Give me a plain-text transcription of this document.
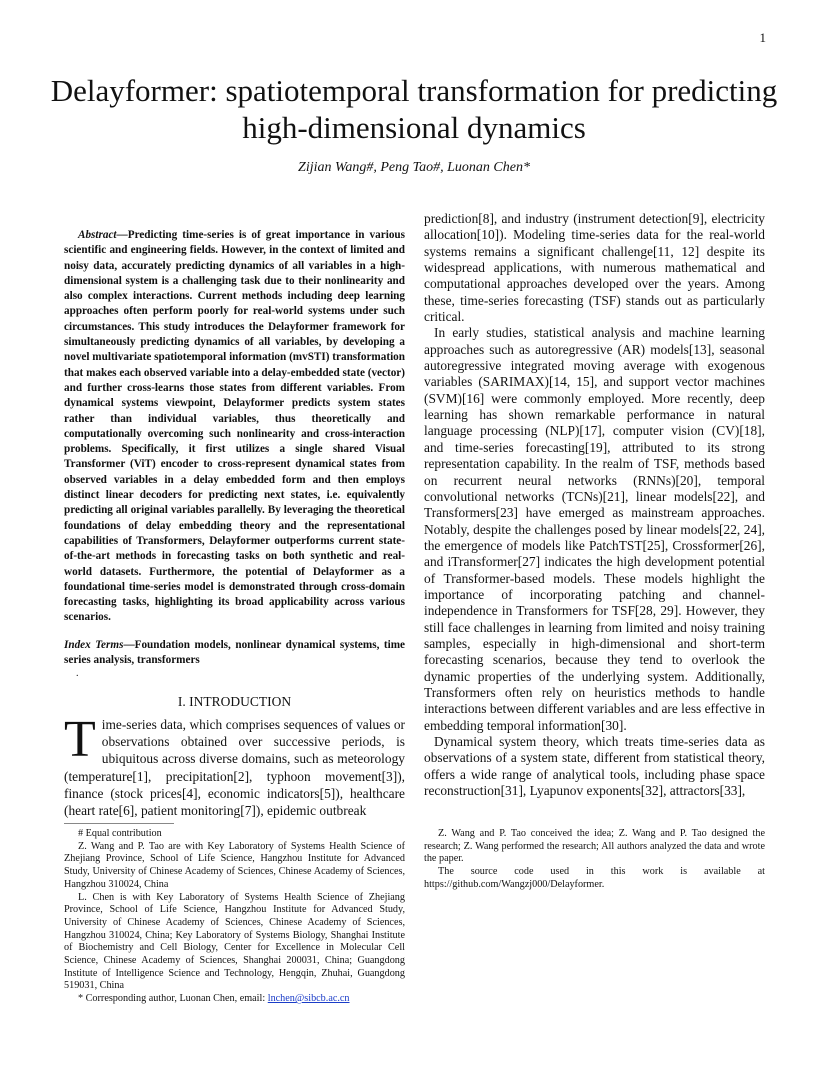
1
Delayformer: spatiotemporal transformation for predicting high-dimensional dynamics
Zijian Wang#, Peng Tao#, Luonan Chen*

Abstract—Predicting time-series is of great importance in various scientific and engineering fields. However, in the context of limited and noisy data, accurately predicting dynamics of all variables in a high-dimensional system is a challenging task due to their nonlinearity and also complex interactions. Current methods including deep learning approaches often perform poorly for real-world systems under such circumstances. This study introduces the Delayformer framework for simultaneously predicting dynamics of all variables, by developing a novel multivariate spatiotemporal information (mvSTI) transformation that makes each observed variable into a delay-embedded state (vector) and further cross-learns those states from different variables. From dynamical systems viewpoint, Delayformer predicts system states rather than individual variables, thus theoretically and computationally overcoming such nonlinearity and cross-interaction problems. Specifically, it first utilizes a single shared Visual Transformer (ViT) encoder to cross-represent dynamical states from observed variables in a delay embedded form and then employs distinct linear decoders for predicting next states, i.e. equivalently predicting all original variables parallelly. By leveraging the theoretical foundations of delay embedding theory and the representational capabilities of Transformers, Delayformer outperforms current state-of-the-art methods in forecasting tasks on both synthetic and real-world datasets. Furthermore, the potential of Delayformer as a foundational time-series model is demonstrated through cross-domain forecasting tasks, highlighting its broad applicability across various scenarios.

Index Terms—Foundation models, nonlinear dynamical systems, time series analysis, transformers

.
I. INTRODUCTION

Time-series data, which comprises sequences of values or observations obtained over successive periods, is ubiquitous across diverse domains, such as meteorology (temperature[1], precipitation[2], typhoon movement[3]), finance (stock prices[4], economic indicators[5]), healthcare (heart rate[6], patient monitoring[7]), epidemic outbreak

prediction[8], and industry (instrument detection[9], electricity allocation[10]). Modeling time-series data for the real-world systems remains a significant challenge[11, 12] despite its widespread applications, with numerous mathematical and computational approaches developed over the years. Among these, time-series forecasting (TSF) stands out as particularly critical.

In early studies, statistical analysis and machine learning approaches such as autoregressive (AR) models[13], seasonal autoregressive integrated moving average with exogenous variables (SARIMAX)[14, 15], and support vector machines (SVM)[16] were commonly employed. More recently, deep learning has shown remarkable performance in natural language processing (NLP)[17], computer vision (CV)[18], and time-series forecasting[19], attributed to its strong representation capability. In the realm of TSF, methods based on recurrent neural networks (RNNs)[20], temporal convolutional networks (TCNs)[21], linear models[22], and Transformers[23] have emerged as mainstream approaches. Notably, despite the challenges posed by linear models[22, 24], the emergence of models like PatchTST[25], Crossformer[26], and iTransformer[27] indicates the high development potential of Transformer-based models. These models highlight the importance of incorporating patching and channel-independence in Transformers for TSF[28, 29]. However, they still face challenges in learning from limited and noisy training samples, especially in high-dimensional and short-term forecasting scenarios, because they tend to overlook the dynamic properties of the underlying system. Additionally, Transformers often rely on heuristics methods to handle interactions between different variables and are less effective in embedding temporal information[30].

Dynamical system theory, which treats time-series data as observations of a system state, different from statistical theory, offers a wide range of analytical tools, including phase space reconstruction[31], Lyapunov exponents[32], attractors[33],

# Equal contribution

Z. Wang and P. Tao are with Key Laboratory of Systems Health Science of Zhejiang Province, School of Life Science, Hangzhou Institute for Advanced Study, University of Chinese Academy of Sciences, Chinese Academy of Sciences, Hangzhou 310024, China

L. Chen is with Key Laboratory of Systems Health Science of Zhejiang Province, School of Life Science, Hangzhou Institute for Advanced Study, University of Chinese Academy of Sciences, Chinese Academy of Sciences, Hangzhou 310024, China; Key Laboratory of Systems Biology, Shanghai Institute of Biochemistry and Cell Biology, Center for Excellence in Molecular Cell Science, Chinese Academy of Sciences, Shanghai 200031, China; Guangdong Institute of Intelligence Science and Technology, Hengqin, Zhuhai, Guangdong 519031, China

* Corresponding author, Luonan Chen, email: lnchen@sibcb.ac.cn

Z. Wang and P. Tao conceived the idea; Z. Wang and P. Tao designed the research; Z. Wang performed the research; All authors analyzed the data and wrote the paper.

The source code used in this work is available at https://github.com/Wangzj000/Delayformer.
